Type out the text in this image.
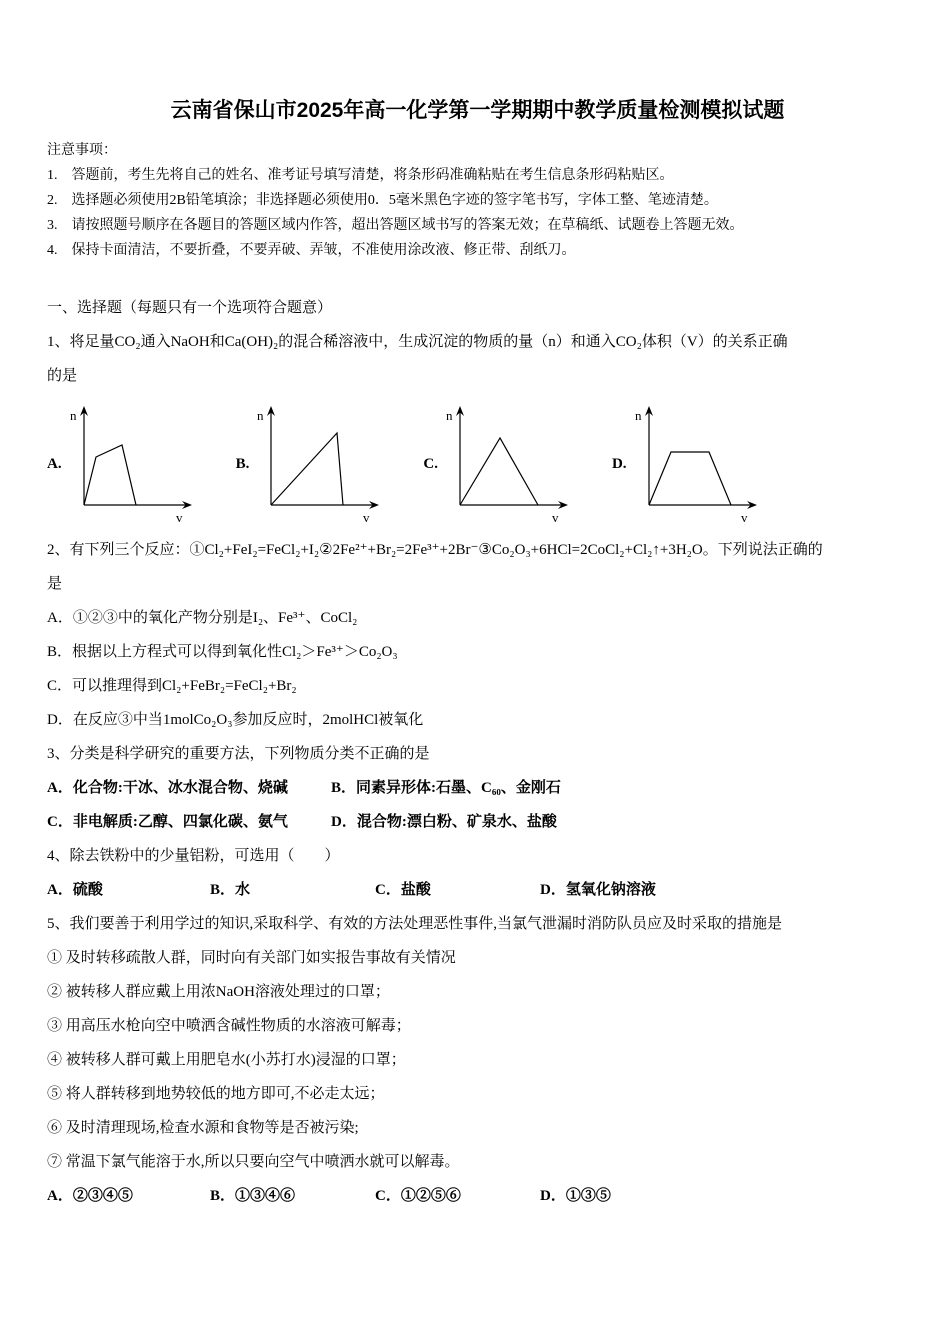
云南省保山市2025年高一化学第一学期期中教学质量检测模拟试题
注意事项：
1.　答题前，考生先将自己的姓名、准考证号填写清楚，将条形码准确粘贴在考生信息条形码粘贴区。
2.　选择题必须使用2B铅笔填涂；非选择题必须使用0．5毫米黑色字迹的签字笔书写，字体工整、笔迹清楚。
3.　请按照题号顺序在各题目的答题区域内作答，超出答题区域书写的答案无效；在草稿纸、试题卷上答题无效。
4.　保持卡面清洁，不要折叠，不要弄破、弄皱，不准使用涂改液、修正带、刮纸刀。
一、选择题（每题只有一个选项符合题意）
1、将足量CO₂通入NaOH和Ca(OH)₂的混合稀溶液中，生成沉淀的物质的量（n）和通入CO₂体积（V）的关系正确
的是
A.
n
v
B.
n
v
C.
n
v
D.
n
v
2、有下列三个反应：①Cl₂+FeI₂=FeCl₂+I₂②2Fe²⁺+Br₂=2Fe³⁺+2Br⁻③Co₂O₃+6HCl=2CoCl₂+Cl₂↑+3H₂O。下列说法正确的
是
A．①②③中的氧化产物分别是I₂、Fe³⁺、CoCl₂
B．根据以上方程式可以得到氧化性Cl₂＞Fe³⁺＞Co₂O₃
C．可以推理得到Cl₂+FeBr₂=FeCl₂+Br₂
D．在反应③中当1molCo₂O₃参加反应时，2molHCl被氧化
3、分类是科学研究的重要方法，下列物质分类不正确的是
A．化合物:干冰、冰水混合物、烧碱	B．同素异形体:石墨、C₆₀、金刚石
C．非电解质:乙醇、四氯化碳、氨气	D．混合物:漂白粉、矿泉水、盐酸
4、除去铁粉中的少量铝粉，可选用（　　）
A．硫酸	B．水	C．盐酸	D．氢氧化钠溶液
5、我们要善于利用学过的知识,采取科学、有效的方法处理恶性事件,当氯气泄漏时消防队员应及时采取的措施是
① 及时转移疏散人群，同时向有关部门如实报告事故有关情况
② 被转移人群应戴上用浓NaOH溶液处理过的口罩；
③ 用高压水枪向空中喷洒含碱性物质的水溶液可解毒；
④ 被转移人群可戴上用肥皂水(小苏打水)浸湿的口罩；
⑤ 将人群转移到地势较低的地方即可,不必走太远；
⑥ 及时清理现场,检查水源和食物等是否被污染;
⑦ 常温下氯气能溶于水,所以只要向空气中喷洒水就可以解毒。
A．②③④⑤	B．①③④⑥	C．①②⑤⑥	D．①③⑤
